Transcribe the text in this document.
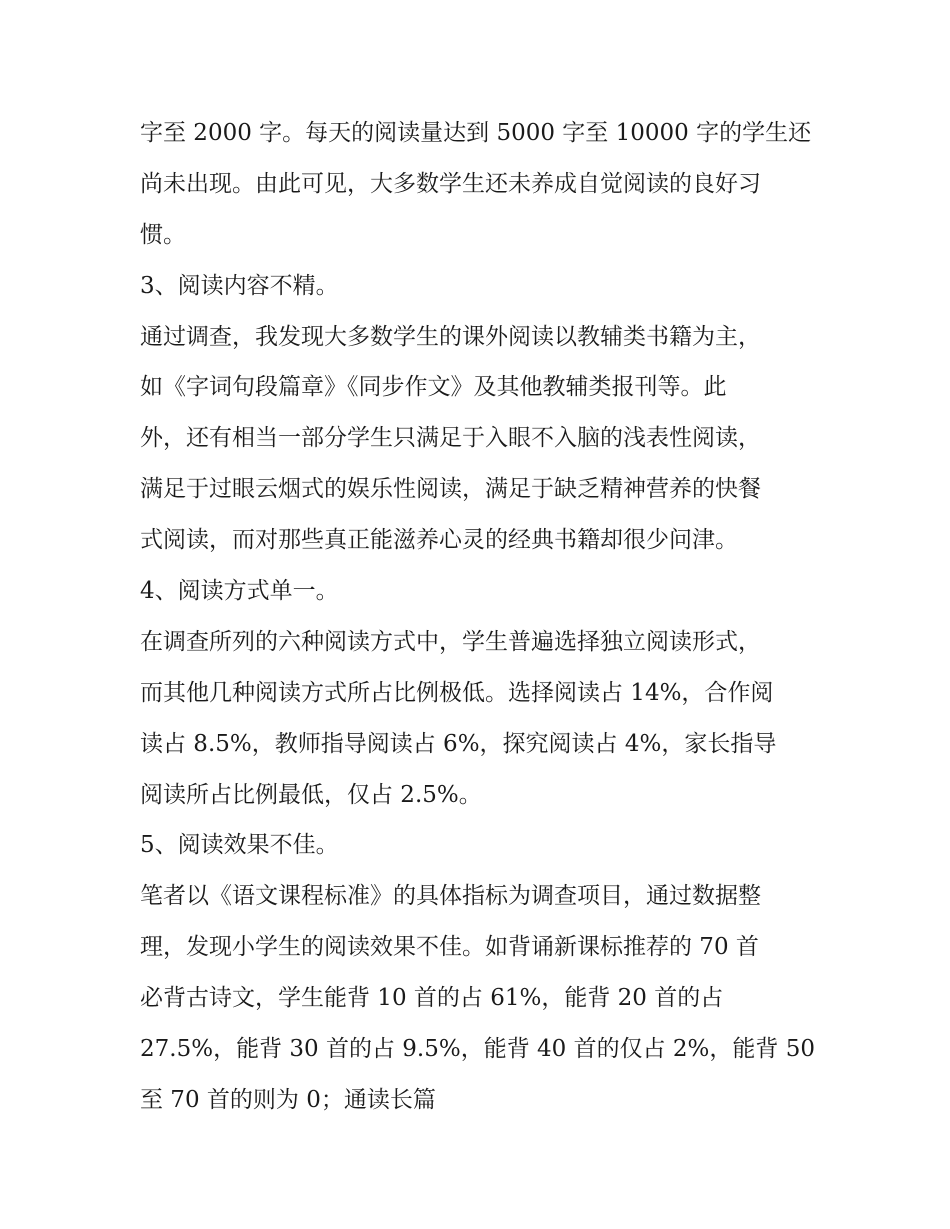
字至 2000 字。每天的阅读量达到 5000 字至 10000 字的学生还
尚未出现。由此可见，大多数学生还未养成自觉阅读的良好习
惯。
3、阅读内容不精。
通过调查，我发现大多数学生的课外阅读以教辅类书籍为主，
如《字词句段篇章》《同步作文》及其他教辅类报刊等。此
外，还有相当一部分学生只满足于入眼不入脑的浅表性阅读，
满足于过眼云烟式的娱乐性阅读，满足于缺乏精神营养的快餐
式阅读，而对那些真正能滋养心灵的经典书籍却很少问津。
4、阅读方式单一。
在调查所列的六种阅读方式中，学生普遍选择独立阅读形式，
而其他几种阅读方式所占比例极低。选择阅读占 14%，合作阅
读占 8.5%，教师指导阅读占 6%，探究阅读占 4%，家长指导
阅读所占比例最低，仅占 2.5%。
5、阅读效果不佳。
笔者以《语文课程标准》的具体指标为调查项目，通过数据整
理，发现小学生的阅读效果不佳。如背诵新课标推荐的 70 首
必背古诗文，学生能背 10 首的占 61%，能背 20 首的占
27.5%，能背 30 首的占 9.5%，能背 40 首的仅占 2%，能背 50
至 70 首的则为 0；通读长篇
